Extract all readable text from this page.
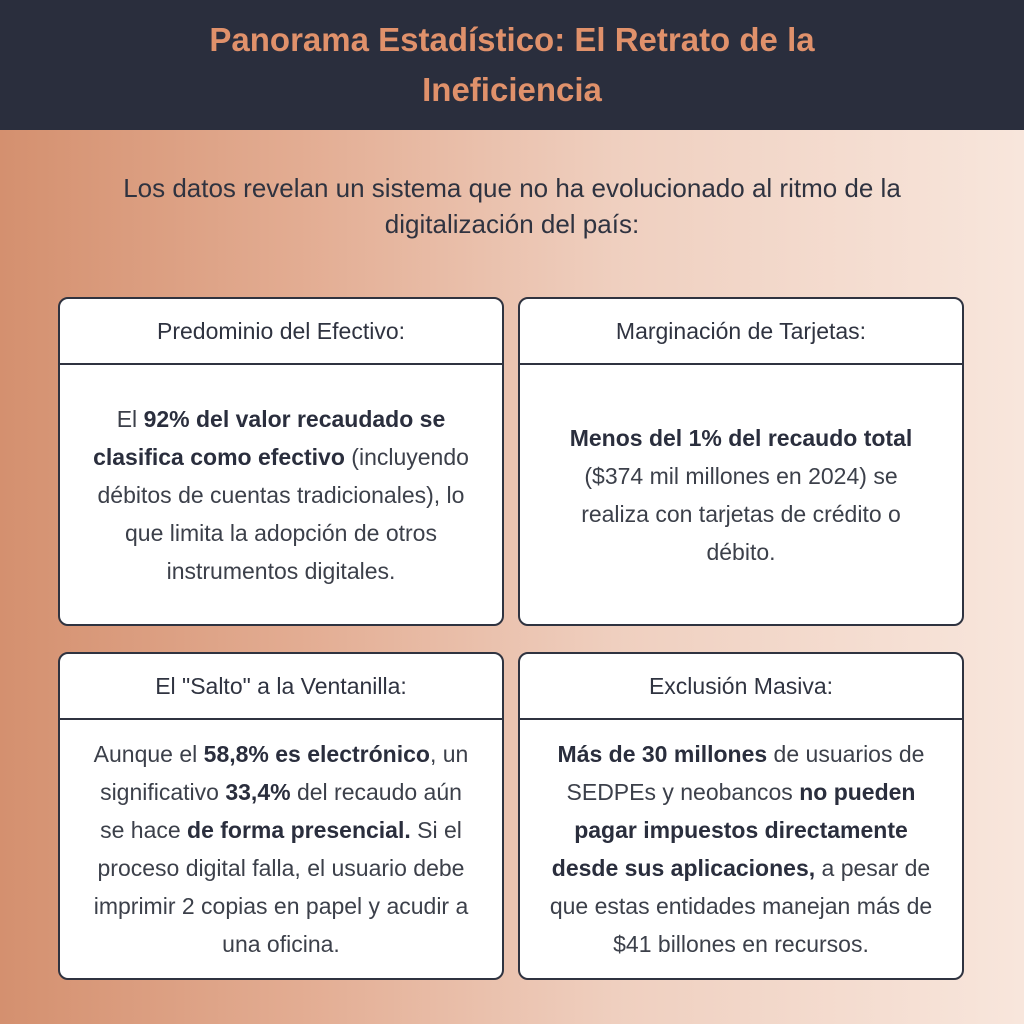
Panorama Estadístico: El Retrato de la Ineficiencia
Los datos revelan un sistema que no ha evolucionado al ritmo de la digitalización del país:
Predominio del Efectivo:

El 92% del valor recaudado se clasifica como efectivo (incluyendo débitos de cuentas tradicionales), lo que limita la adopción de otros instrumentos digitales.

Marginación de Tarjetas:

Menos del 1% del recaudo total ($374 mil millones en 2024) se realiza con tarjetas de crédito o débito.

El "Salto" a la Ventanilla:

Aunque el 58,8% es electrónico, un significativo 33,4% del recaudo aún se hace de forma presencial. Si el proceso digital falla, el usuario debe imprimir 2 copias en papel y acudir a una oficina.

Exclusión Masiva:

Más de 30 millones de usuarios de SEDPEs y neobancos no pueden pagar impuestos directamente desde sus aplicaciones, a pesar de que estas entidades manejan más de $41 billones en recursos.
